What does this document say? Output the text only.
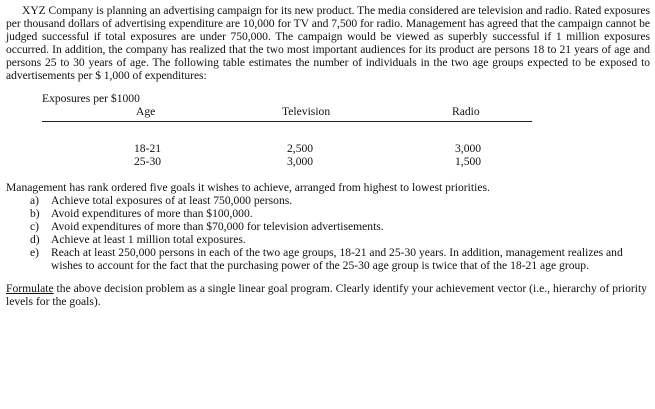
XYZ Company is planning an advertising campaign for its new product. The media considered are television and radio. Rated exposures per thousand dollars of advertising expenditure are 10,000 for TV and 7,500 for radio. Management has agreed that the campaign cannot be judged successful if total exposures are under 750,000. The campaign would be viewed as superbly successful if 1 million exposures occurred. In addition, the company has realized that the two most important audiences for its product are persons 18 to 21 years of age and persons 25 to 30 years of age. The following table estimates the number of individuals in the two age groups expected to be exposed to advertisements per $ 1,000 of expenditures:

Exposures per $1000
Age	Television	Radio
18-21	2,500	3,000
25-30	3,000	1,500

Management has rank ordered five goals it wishes to achieve, arranged from highest to lowest priorities.

a) Achieve total exposures of at least 750,000 persons.
b) Avoid expenditures of more than $100,000.
c) Avoid expenditures of more than $70,000 for television advertisements.
d) Achieve at least 1 million total exposures.
e) Reach at least 250,000 persons in each of the two age groups, 18-21 and 25-30 years. In addition, management realizes and wishes to account for the fact that the purchasing power of the 25-30 age group is twice that of the 18-21 age group.

Formulate the above decision problem as a single linear goal program. Clearly identify your achievement vector (i.e., hierarchy of priority levels for the goals).
